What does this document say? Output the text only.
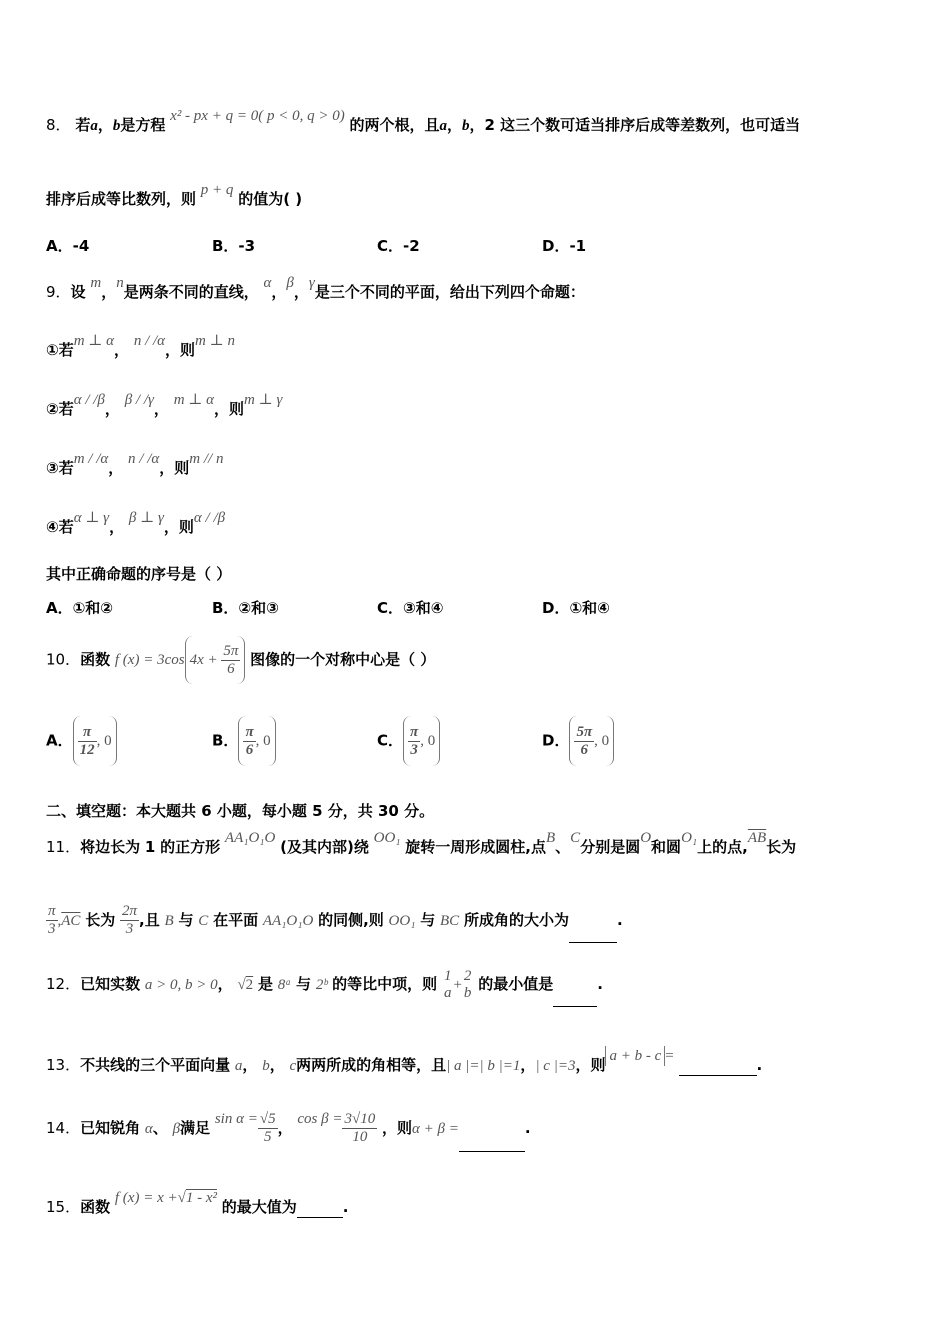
8． 若a，b是方程 x² - px + q = 0( p < 0, q > 0) 的两个根，且a，b，2 这三个数可适当排序后成等差数列，也可适当
排序后成等比数列，则 p + q 的值为( )
A．-4	B．-3	C．-2	D．-1
9．设 m，n是两条不同的直线， α，β，γ是三个不同的平面，给出下列四个命题：
①若m ⊥ α， n / /α，则m ⊥ n
②若α / /β， β / /γ， m ⊥ α，则m ⊥ γ
③若m / /α， n / /α，则m // n
④若α ⊥ γ， β ⊥ γ，则α / /β
其中正确命题的序号是（ ）
A．①和②	B．②和③	C．③和④	D．①和④
10．函数 f (x) = 3cos $4x + \frac{5\pi}{6}$ 图像的一个对称中心是（ ）
A． $\frac{\pi}{12}$ , 0	B． $\frac{\pi}{6}$ , 0	C． $\frac{\pi}{3}$ , 0	D． $\frac{5\pi}{6}$ , 0
二、填空题：本大题共 6 小题，每小题 5 分，共 30 分。
11．将边长为 1 的正方形 AA₁O₁O (及其内部)绕 OO₁ 旋转一周形成圆柱,点B、C分别是圆O和圆O₁上的点$,\overline{AB}$长为
$\frac{\pi}{3} ,\overline{AC}$ 长为 $\frac{2\pi}{3}$ ,且 B 与 C 在平面 AA₁O₁O 的同侧,则 OO₁ 与 BC 所成角的大小为	.
12．已知实数 a > 0, b > 0， √2 是 8ᵃ 与 2ᵇ 的等比中项，则 1
a +
2
b 的最小值是	.
13．不共线的三个平面向量 a， b， c两两所成的角相等，且| a |=| b |=1，| c |=3，则 a + b - c =	.
14．已知锐角 α、 β满足 $\sin \alpha = \frac{√5}{5}$ ， $\cos \beta = \frac{3√10}{10}$ ，则α + β =	.
15．函数 f (x) = x +√1 - x² 的最大值为	.
